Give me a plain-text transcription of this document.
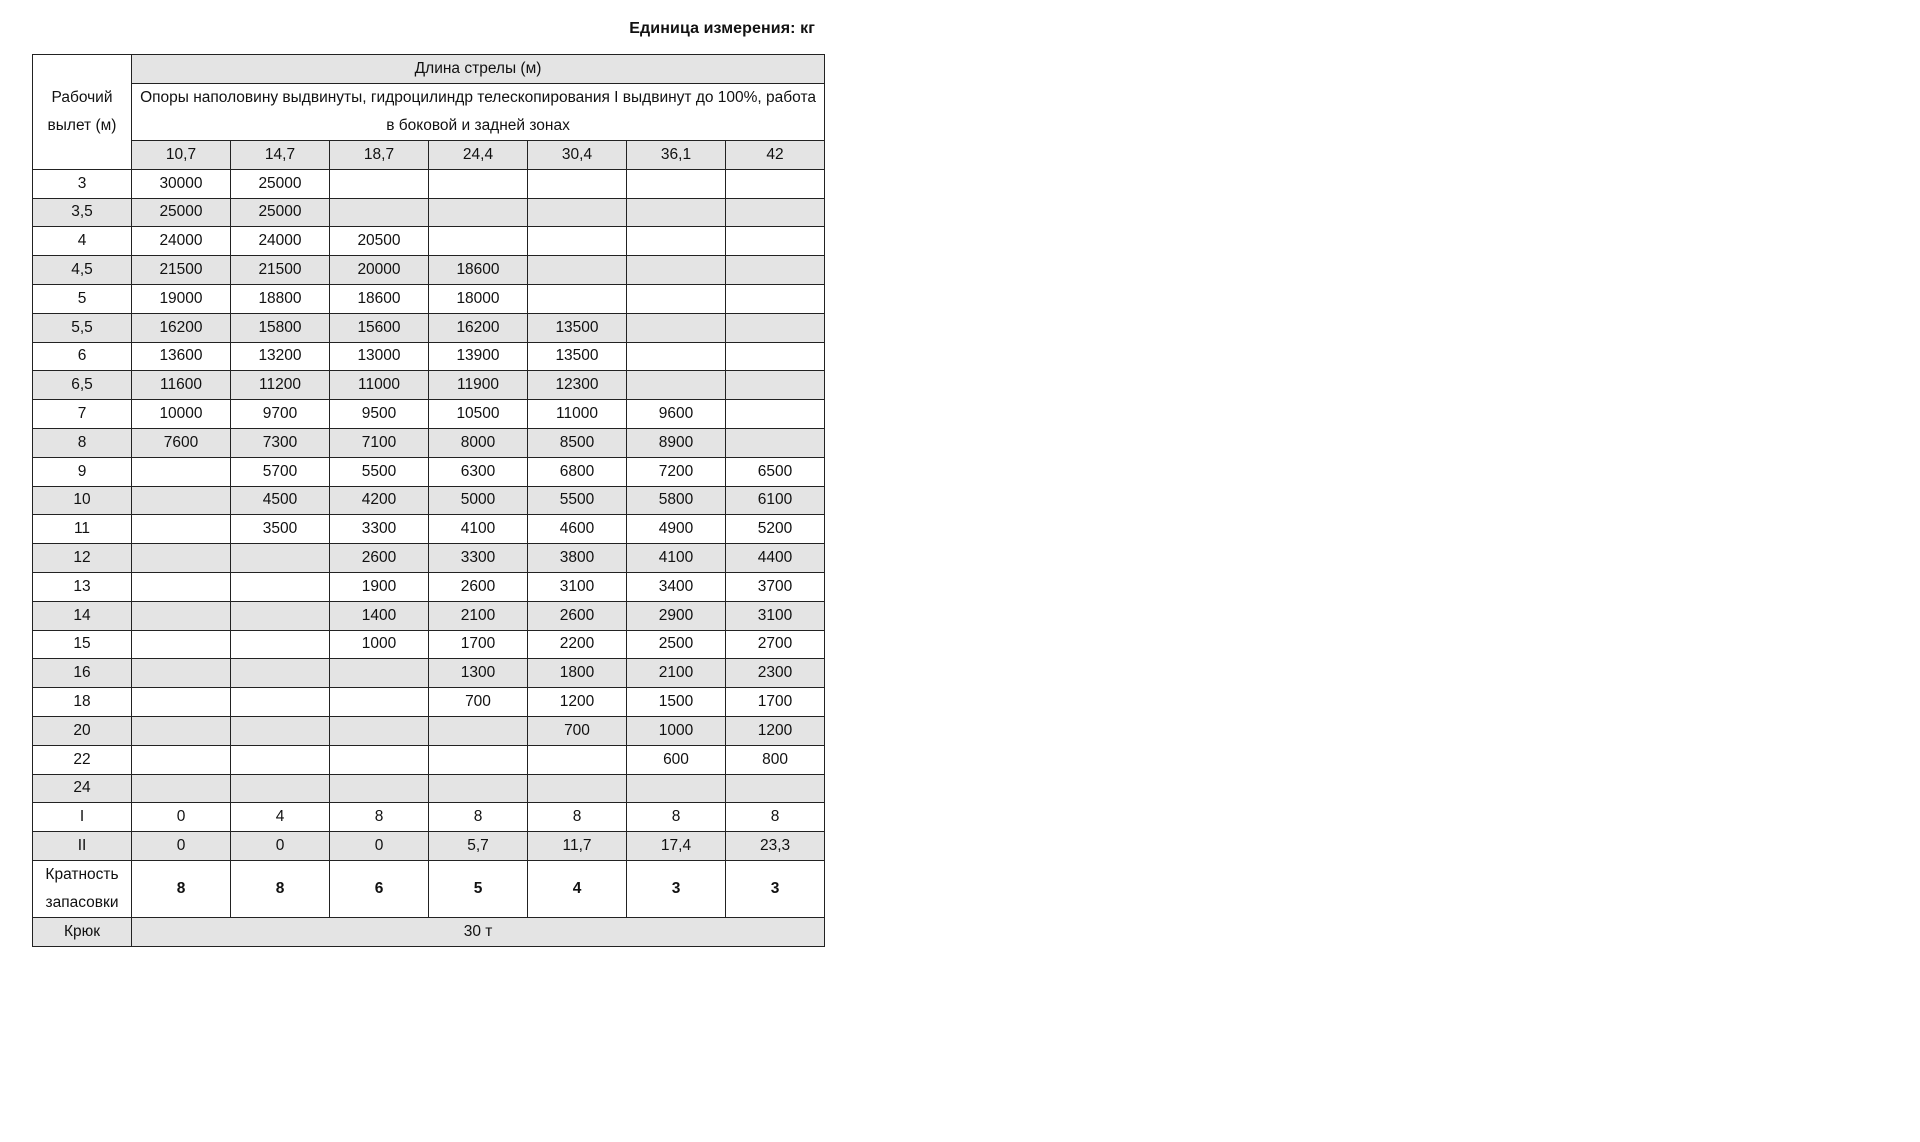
Единица измерения: кг
Рабочий вылет (м)	Длина стрелы (м)						
	Опоры наполовину выдвинуты, гидроцилиндр телескопирования I выдвинут до 100%, работа в боковой и задней зонах						
	10,7	14,7	18,7	24,4	30,4	36,1	42
3	30000	25000					
3,5	25000	25000					
4	24000	24000	20500				
4,5	21500	21500	20000	18600			
5	19000	18800	18600	18000			
5,5	16200	15800	15600	16200	13500		
6	13600	13200	13000	13900	13500		
6,5	11600	11200	11000	11900	12300		
7	10000	9700	9500	10500	11000	9600	
8	7600	7300	7100	8000	8500	8900	
9		5700	5500	6300	6800	7200	6500
10		4500	4200	5000	5500	5800	6100
11		3500	3300	4100	4600	4900	5200
12			2600	3300	3800	4100	4400
13			1900	2600	3100	3400	3700
14			1400	2100	2600	2900	3100
15			1000	1700	2200	2500	2700
16				1300	1800	2100	2300
18				700	1200	1500	1700
20					700	1000	1200
22						600	800
24							
I	0	4	8	8	8	8	8
II	0	0	0	5,7	11,7	17,4	23,3
Кратность запасовки	8	8	6	5	4	3	3
Крюк	30 т						
